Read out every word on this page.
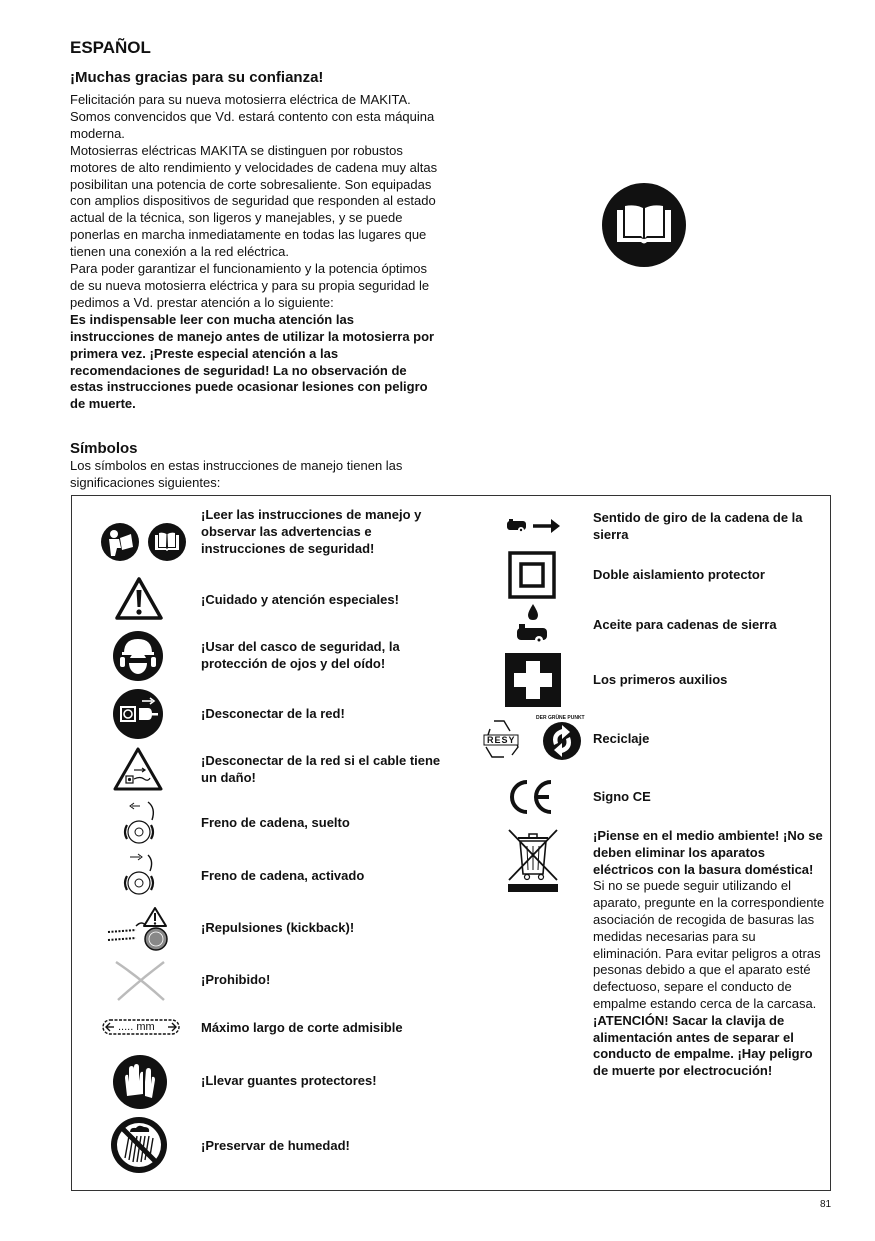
ESPAÑOL
¡Muchas gracias para su confianza!

Felicitación para su nueva motosierra eléctrica de MAKITA. Somos convencidos que Vd. estará contento con esta máquina moderna.

Motosierras eléctricas MAKITA se distinguen por robustos motores de alto rendimiento y velocidades de cadena muy altas posibilitan una potencia de corte sobresaliente. Son equipadas con amplios dispositivos de seguridad que responden al estado actual de la técnica, son ligeros y manejables, y se puede ponerlas en marcha inmediatamente en todas las lugares que tienen una conexión a la red eléctrica.

Para poder garantizar el funcionamiento y la potencia óptimos de su nueva motosierra eléctrica y para su propia seguridad le pedimos a Vd. prestar atención a lo siguiente:

Es indispensable leer con mucha atención las instrucciones de manejo antes de utilizar la motosierra por primera vez. ¡Preste especial atención a las recomendaciones de seguridad! La no observación de estas instrucciones puede ocasionar lesiones con peligro de muerte.

Símbolos

Los símbolos en estas instrucciones de manejo tienen las significaciones siguientes:

¡Leer las instrucciones de manejo y observar las advertencias e instrucciones de seguridad!
¡Cuidado y atención especiales!
¡Usar del casco de seguridad, la protección de ojos y del oído!
¡Desconectar de la red!
¡Desconectar de la red si el cable tiene un daño!
Freno de cadena, suelto
Freno de cadena, activado
¡Repulsiones (kickback)!
¡Prohibido!
..... mm	Máximo largo de corte admisible
¡Llevar guantes protectores!
¡Preservar de humedad!
Sentido de giro de la cadena de la sierra
Doble aislamiento protector
Aceite para cadenas de sierra
Los primeros auxilios
RESY
DER GRÜNE PUNKT
Reciclaje
Signo CE
¡Piense en el medio ambiente! ¡No se deben eliminar los aparatos eléctricos con la basura doméstica!
Si no se puede seguir utilizando el aparato, pregunte en la correspondiente asociación de recogida de basuras las medidas necesarias para su eliminación. Para evitar peligros a otras pesonas debido a que el aparato esté defectuoso, separe el conducto de empalme estando cerca de la carcasa.
¡ATENCIÓN! Sacar la clavija de alimentación antes de separar el conducto de empalme. ¡Hay peligro de muerte por electrocución!
81
